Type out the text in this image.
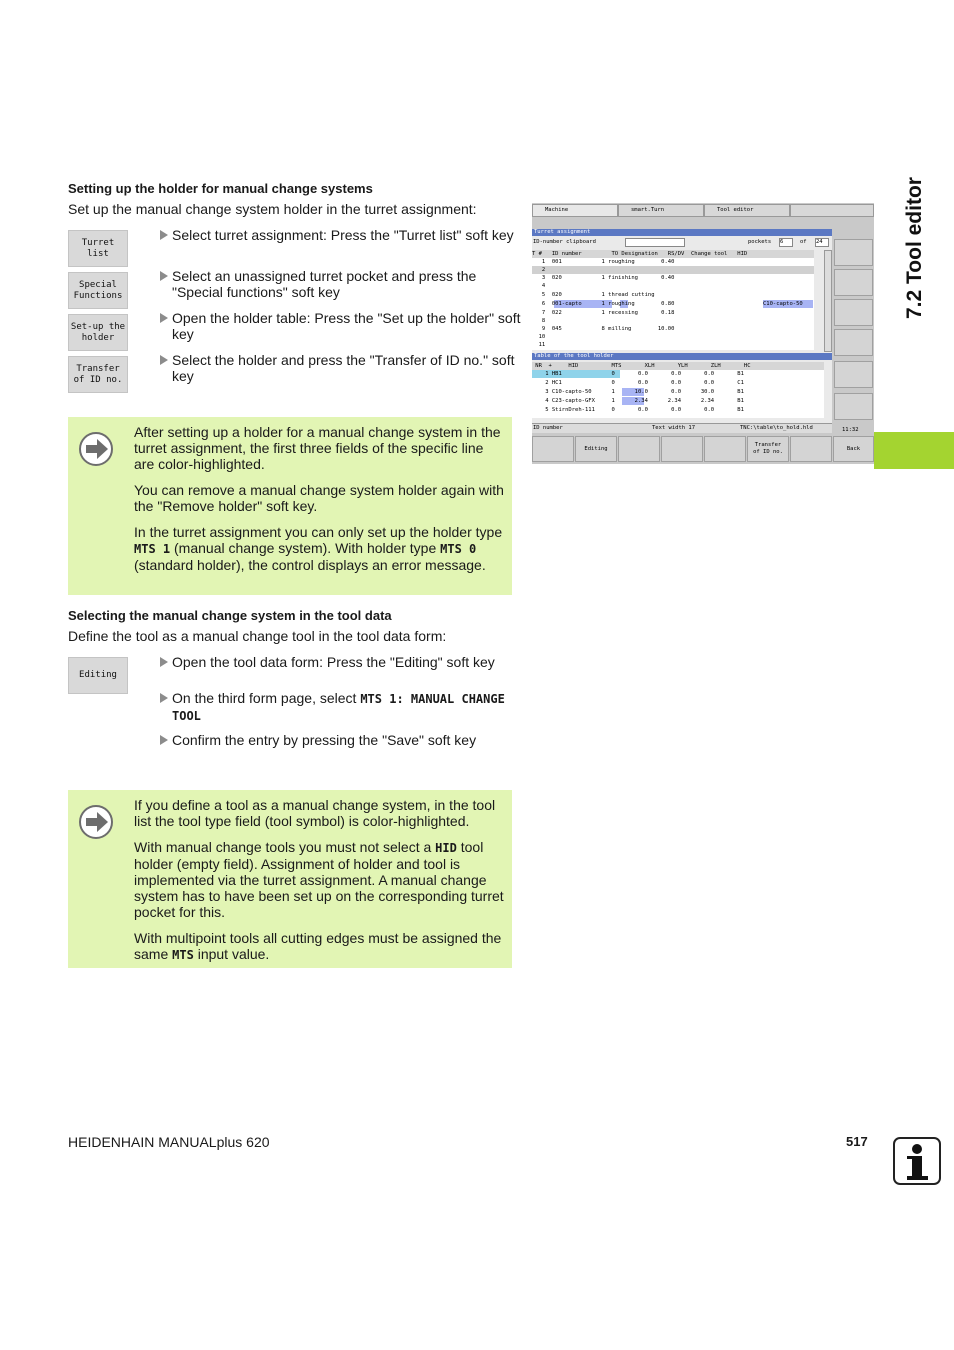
Setting up the holder for manual change systems
Set up the manual change system holder in the turret assignment:
Turret
list
Special
Functions
Set-up the
holder
Transfer
of ID no.
Select turret assignment: Press the "Turret list" soft key
Select an unassigned turret pocket and press the "Special functions" soft key
Open the holder table: Press the "Set up the holder" soft key
Select the holder and press the "Transfer of ID no." soft key

After setting up a holder for a manual change system in the turret assignment, the first three fields of the specific line are color-highlighted.

You can remove a manual change system holder again with the "Remove holder" soft key.

In the turret assignment you can only set up the holder type MTS 1 (manual change system). With holder type MTS 0 (standard holder), the control displays an error message.

Selecting the manual change system in the tool data
Define the tool as a manual change tool in the tool data form:
Editing
Open the tool data form: Press the "Editing" soft key
On the third form page, select MTS 1: MANUAL CHANGE TOOL
Confirm the entry by pressing the "Save" soft key

If you define a tool as a manual change system, in the tool list the tool type field (tool symbol) is color-highlighted.

With manual change tools you must not select a HID tool holder (empty field). Assignment of holder and tool is implemented via the turret assignment. A manual change system has to have been set up on the corresponding turret pocket for this.

With multipoint tools all cutting edges must be assigned the same MTS input value.

Machine	smart.Turn	Tool editor
Turret assignment
ID-number clipboard	pockets 6	of 24
T #   ID number         TO Designation   RS/DV  Change tool   HID
1  001            1 roughing        0.40
2
3  020            1 finishing       0.40
4
5  020            1 thread cutting
6  001-capto      1 roughing        0.80	C10-capto-50
7  022            1 recessing       0.18
8
9  045            8 milling        10.00
10
11
Table of the tool holder
NR  +     HID          MTS       XLH       YLH       ZLH       HC
1 HB1               0       0.0       0.0       0.0       B1
2 HC1               0       0.0       0.0       0.0       C1
3 C10-capto-50      1      10.0       0.0      30.0       B1
4 C23-capto-GFX     1      2.34      2.34      2.34       B1
5 StirnDreh-111     0       0.0       0.0       0.0       B1
ID number	Text width 17	TNC:\table\to_hold.hld	11:32
Editing
Transfer
of ID no.
Back
7.2 Tool editor
HEIDENHAIN MANUALplus 620	517
